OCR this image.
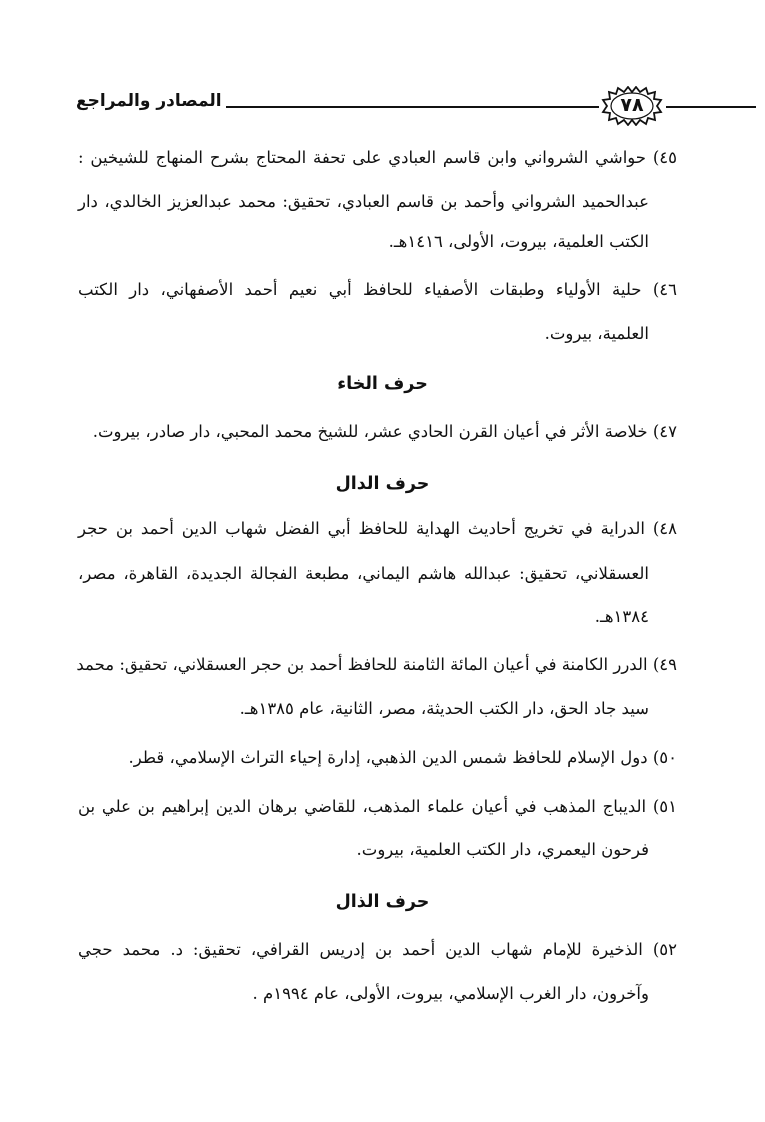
المصادر والمراجع	٧٨
٤٥) حواشي الشرواني وابن قاسم العبادي على تحفة المحتاج بشرح المنهاج للشيخين :
عبدالحميد الشرواني وأحمد بن قاسم العبادي، تحقيق: محمد عبدالعزيز الخالدي، دار
الكتب العلمية، بيروت، الأولى، ١٤١٦هـ.
٤٦) حلية الأولياء وطبقات الأصفياء للحافظ أبي نعيم أحمد الأصفهاني، دار الكتب
العلمية، بيروت.
حرف الخاء
٤٧) خلاصة الأثر في أعيان القرن الحادي عشر، للشيخ محمد المحبي، دار صادر، بيروت.
حرف الدال
٤٨) الدراية في تخريج أحاديث الهداية للحافظ أبي الفضل شهاب الدين أحمد بن حجر
العسقلاني، تحقيق: عبدالله هاشم اليماني، مطبعة الفجالة الجديدة، القاهرة، مصر،
١٣٨٤هـ.
٤٩) الدرر الكامنة في أعيان المائة الثامنة للحافظ أحمد بن حجر العسقلاني، تحقيق: محمد
سيد جاد الحق، دار الكتب الحديثة، مصر، الثانية، عام ١٣٨٥هـ.
٥٠) دول الإسلام للحافظ شمس الدين الذهبي، إدارة إحياء التراث الإسلامي، قطر.
٥١) الديباج المذهب في أعيان علماء المذهب، للقاضي برهان الدين إبراهيم بن علي بن
فرحون اليعمري، دار الكتب العلمية، بيروت.
حرف الذال
٥٢) الذخيرة للإمام شهاب الدين أحمد بن إدريس القرافي، تحقيق: د. محمد حجي
وآخرون، دار الغرب الإسلامي، بيروت، الأولى، عام ١٩٩٤م .
